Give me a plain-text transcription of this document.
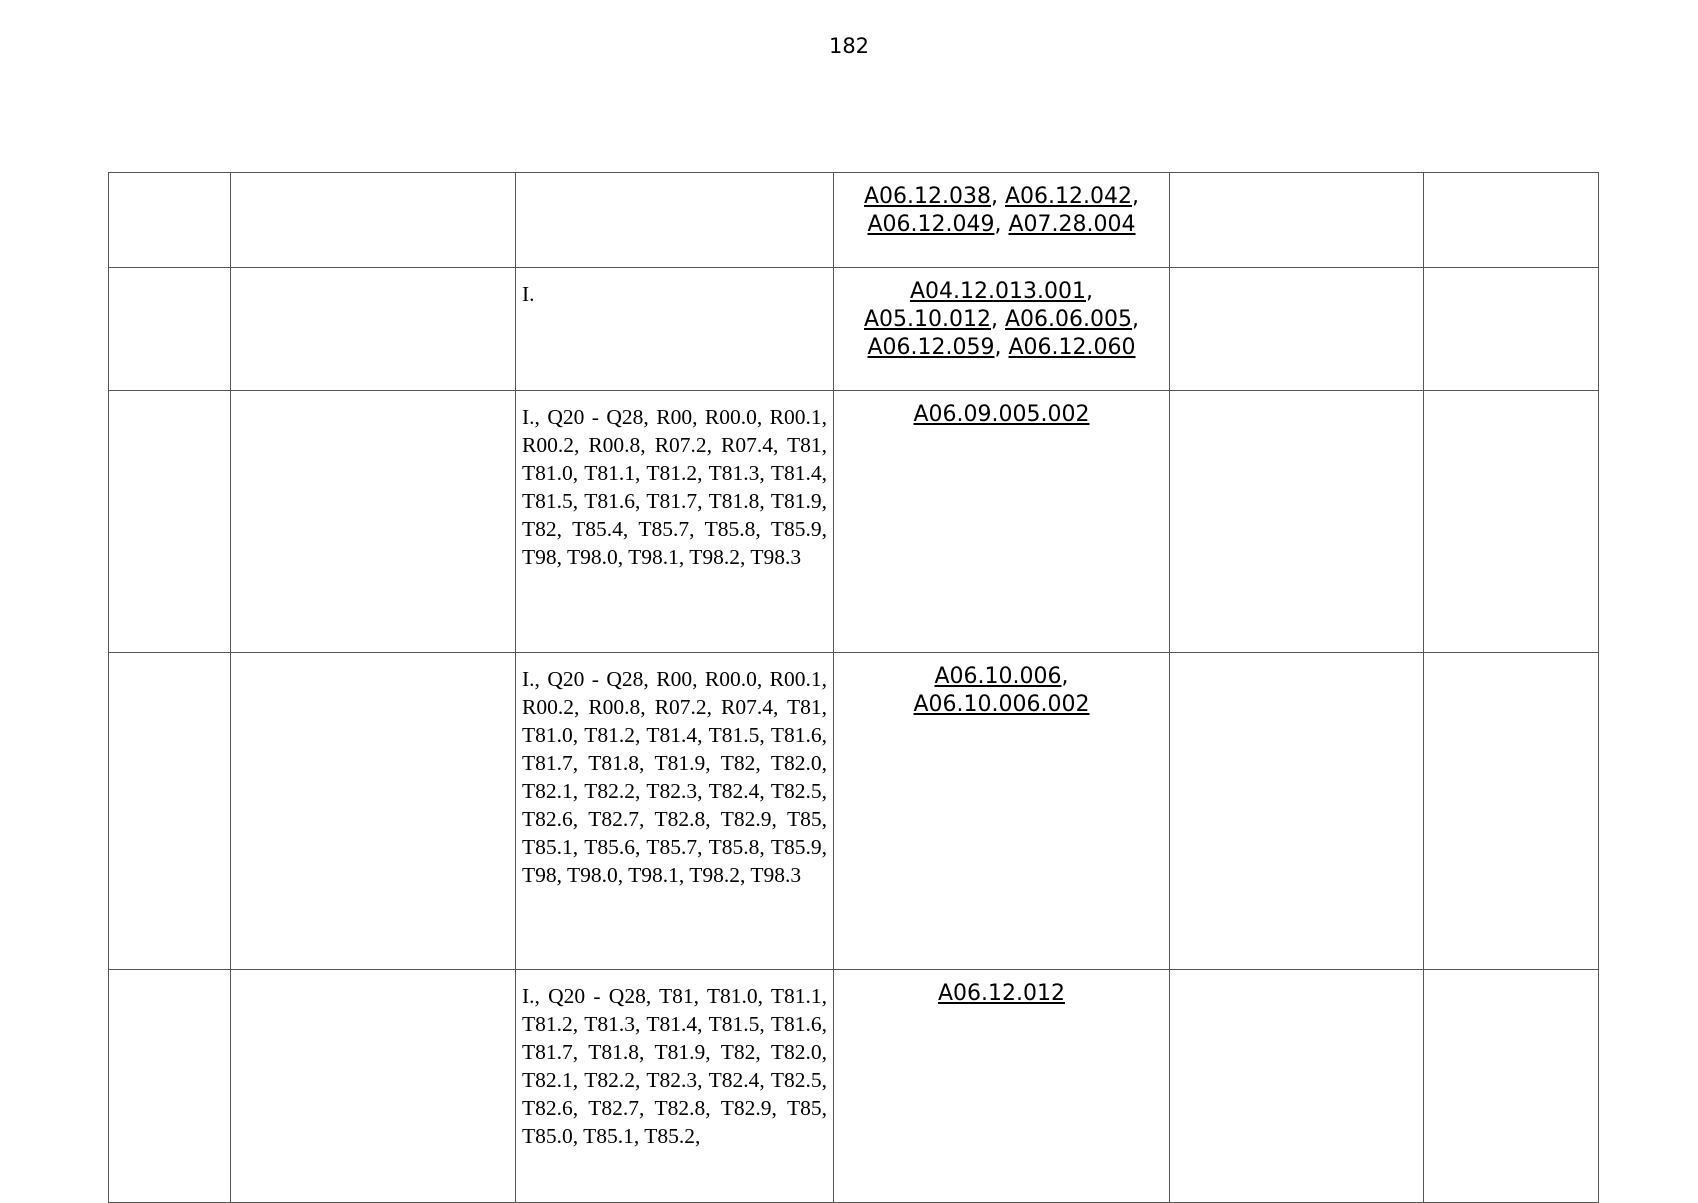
182

			A06.12.038, A06.12.042,
A06.12.049, A07.28.004		

		I.	A04.12.013.001,
A05.10.012, A06.06.005,
A06.12.059, A06.12.060		

		I., Q20 - Q28, R00, R00.0, R00.1, R00.2, R00.8, R07.2, R07.4, T81, T81.0, T81.1, T81.2, T81.3, T81.4, T81.5, T81.6, T81.7, T81.8, T81.9, T82, T85.4, T85.7, T85.8, T85.9, T98, T98.0, T98.1, T98.2, T98.3	A06.09.005.002		

		I., Q20 - Q28, R00, R00.0, R00.1, R00.2, R00.8, R07.2, R07.4, T81, T81.0, T81.2, T81.4, T81.5, T81.6, T81.7, T81.8, T81.9, T82, T82.0, T82.1, T82.2, T82.3, T82.4, T82.5, T82.6, T82.7, T82.8, T82.9, T85, T85.1, T85.6, T85.7, T85.8, T85.9, T98, T98.0, T98.1, T98.2, T98.3	A06.10.006,
A06.10.006.002		

		I., Q20 - Q28, T81, T81.0, T81.1, T81.2, T81.3, T81.4, T81.5, T81.6, T81.7, T81.8, T81.9, T82, T82.0, T82.1, T82.2, T82.3, T82.4, T82.5, T82.6, T82.7, T82.8, T82.9, T85, T85.0, T85.1, T85.2,	A06.12.012		
